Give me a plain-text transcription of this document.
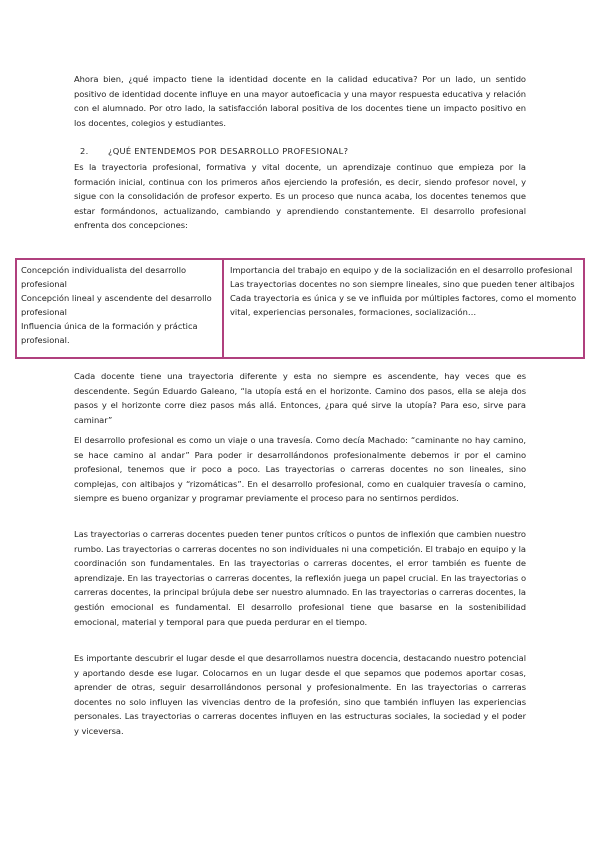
Ahora bien, ¿qué impacto tiene la identidad docente en la calidad educativa? Por un lado, un sentido positivo de identidad docente influye en una mayor autoeficacia y una mayor respuesta educativa y relación con el alumnado. Por otro lado, la satisfacción laboral positiva de los docentes tiene un impacto positivo en los docentes, colegios y estudiantes.

2. ¿QUÉ ENTENDEMOS POR DESARROLLO PROFESIONAL?

Es la trayectoria profesional, formativa y vital docente, un aprendizaje continuo que empieza por la formación inicial, continua con los primeros años ejerciendo la profesión, es decir, siendo profesor novel, y sigue con la consolidación de profesor experto. Es un proceso que nunca acaba, los docentes tenemos que estar formándonos, actualizando, cambiando y aprendiendo constantemente. El desarrollo profesional enfrenta dos concepciones:

Concepción individualista del desarrollo profesional

Concepción lineal y ascendente del desarrollo profesional

Influencia única de la formación y práctica profesional.

Importancia del trabajo en equipo y de la socialización en el desarrollo profesional

Las trayectorias docentes no son siempre lineales, sino que pueden tener altibajos

Cada trayectoria es única y se ve influida por múltiples factores, como el momento vital, experiencias personales, formaciones, socialización…

Cada docente tiene una trayectoria diferente y esta no siempre es ascendente, hay veces que es descendente. Según Eduardo Galeano, “la utopía está en el horizonte. Camino dos pasos, ella se aleja dos pasos y el horizonte corre diez pasos más allá. Entonces, ¿para qué sirve la utopía? Para eso, sirve para caminar”

El desarrollo profesional es como un viaje o una travesía. Como decía Machado: “caminante no hay camino, se hace camino al andar” Para poder ir desarrollándonos profesionalmente debemos ir por el camino profesional, tenemos que ir poco a poco. Las trayectorias o carreras docentes no son lineales, sino complejas, con altibajos y “rizomáticas”. En el desarrollo profesional, como en cualquier travesía o camino, siempre es bueno organizar y programar previamente el proceso para no sentirnos perdidos.

Las trayectorias o carreras docentes pueden tener puntos críticos o puntos de inflexión que cambien nuestro rumbo. Las trayectorias o carreras docentes no son individuales ni una competición. El trabajo en equipo y la coordinación son fundamentales. En las trayectorias o carreras docentes, el error también es fuente de aprendizaje. En las trayectorias o carreras docentes, la reflexión juega un papel crucial. En las trayectorias o carreras docentes, la principal brújula debe ser nuestro alumnado. En las trayectorias o carreras docentes, la gestión emocional es fundamental. El desarrollo profesional tiene que basarse en la sostenibilidad emocional, material y temporal para que pueda perdurar en el tiempo.

Es importante descubrir el lugar desde el que desarrollamos nuestra docencia, destacando nuestro potencial y aportando desde ese lugar. Colocarnos en un lugar desde el que sepamos que podemos aportar cosas, aprender de otras, seguir desarrollándonos personal y profesionalmente. En las trayectorias o carreras docentes no solo influyen las vivencias dentro de la profesión, sino que también influyen las experiencias personales. Las trayectorias o carreras docentes influyen en las estructuras sociales, la sociedad y el poder y viceversa.
